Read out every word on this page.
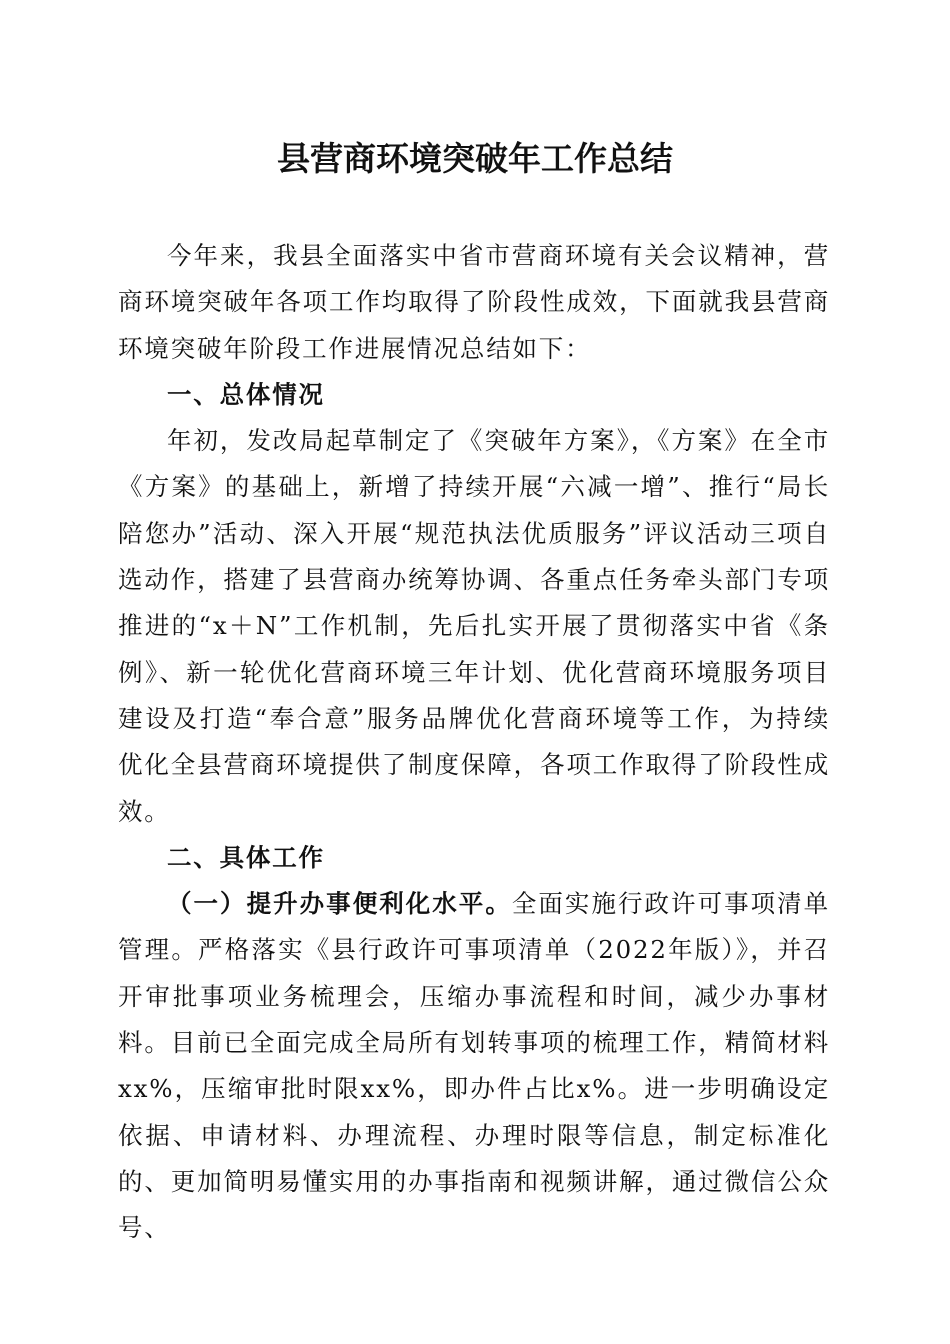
县营商环境突破年工作总结

今年来，我县全面落实中省市营商环境有关会议精神，营商环境突破年各项工作均取得了阶段性成效，下面就我县营商环境突破年阶段工作进展情况总结如下：

一、总体情况

年初，发改局起草制定了《突破年方案》，《方案》在全市《方案》的基础上，新增了持续开展“六减一增”、推行“局长陪您办”活动、深入开展“规范执法优质服务”评议活动三项自选动作，搭建了县营商办统筹协调、各重点任务牵头部门专项推进的“x＋N”工作机制，先后扎实开展了贯彻落实中省《条例》、新一轮优化营商环境三年计划、优化营商环境服务项目建设及打造“奉合意”服务品牌优化营商环境等工作，为持续优化全县营商环境提供了制度保障，各项工作取得了阶段性成效。

二、具体工作

（一）提升办事便利化水平。全面实施行政许可事项清单管理。严格落实《县行政许可事项清单（2022年版）》，并召开审批事项业务梳理会，压缩办事流程和时间，减少办事材料。目前已全面完成全局所有划转事项的梳理工作，精简材料xx%，压缩审批时限xx%，即办件占比x%。进一步明确设定依据、申请材料、办理流程、办理时限等信息，制定标准化的、更加简明易懂实用的办事指南和视频讲解，通过微信公众号、
